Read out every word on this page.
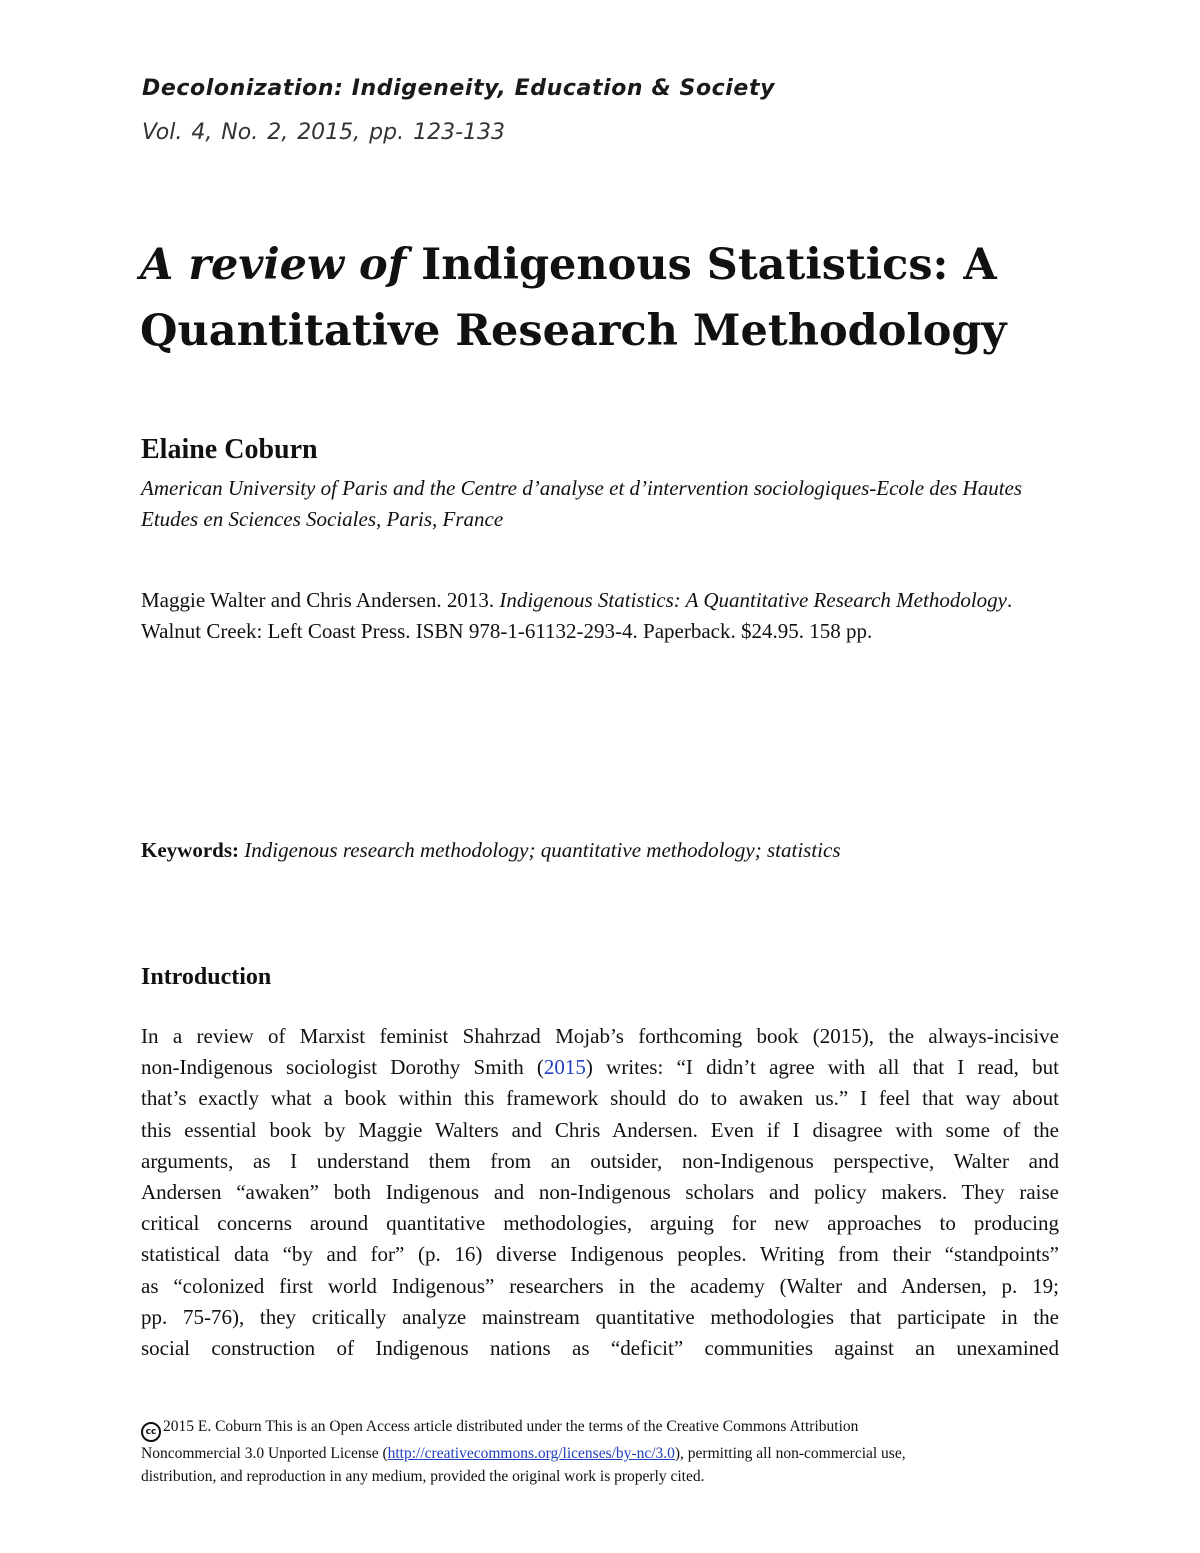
Decolonization: Indigeneity, Education & Society
Vol. 4, No. 2, 2015, pp. 123-133
A review of Indigenous Statistics: A Quantitative Research Methodology
Elaine Coburn
American University of Paris and the Centre d’analyse et d’intervention sociologiques-Ecole des Hautes Etudes en Sciences Sociales, Paris, France
Maggie Walter and Chris Andersen. 2013. Indigenous Statistics: A Quantitative Research Methodology. Walnut Creek: Left Coast Press. ISBN 978-1-61132-293-4. Paperback. $24.95. 158 pp.
Keywords: Indigenous research methodology; quantitative methodology; statistics
Introduction
In a review of Marxist feminist Shahrzad Mojab’s forthcoming book (2015), the always-incisive
non-Indigenous sociologist Dorothy Smith (2015) writes: “I didn’t agree with all that I read, but
that’s exactly what a book within this framework should do to awaken us.” I feel that way about
this essential book by Maggie Walters and Chris Andersen. Even if I disagree with some of the
arguments, as I understand them from an outsider, non-Indigenous perspective, Walter and
Andersen “awaken” both Indigenous and non-Indigenous scholars and policy makers. They raise
critical concerns around quantitative methodologies, arguing for new approaches to producing
statistical data “by and for” (p. 16) diverse Indigenous peoples. Writing from their “standpoints”
as “colonized first world Indigenous” researchers in the academy (Walter and Andersen, p. 19;
pp. 75-76), they critically analyze mainstream quantitative methodologies that participate in the
social construction of Indigenous nations as “deficit” communities against an unexamined
cc 2015 E. Coburn This is an Open Access article distributed under the terms of the Creative Commons Attribution
Noncommercial 3.0 Unported License (http://creativecommons.org/licenses/by-nc/3.0), permitting all non-commercial use,
distribution, and reproduction in any medium, provided the original work is properly cited.
